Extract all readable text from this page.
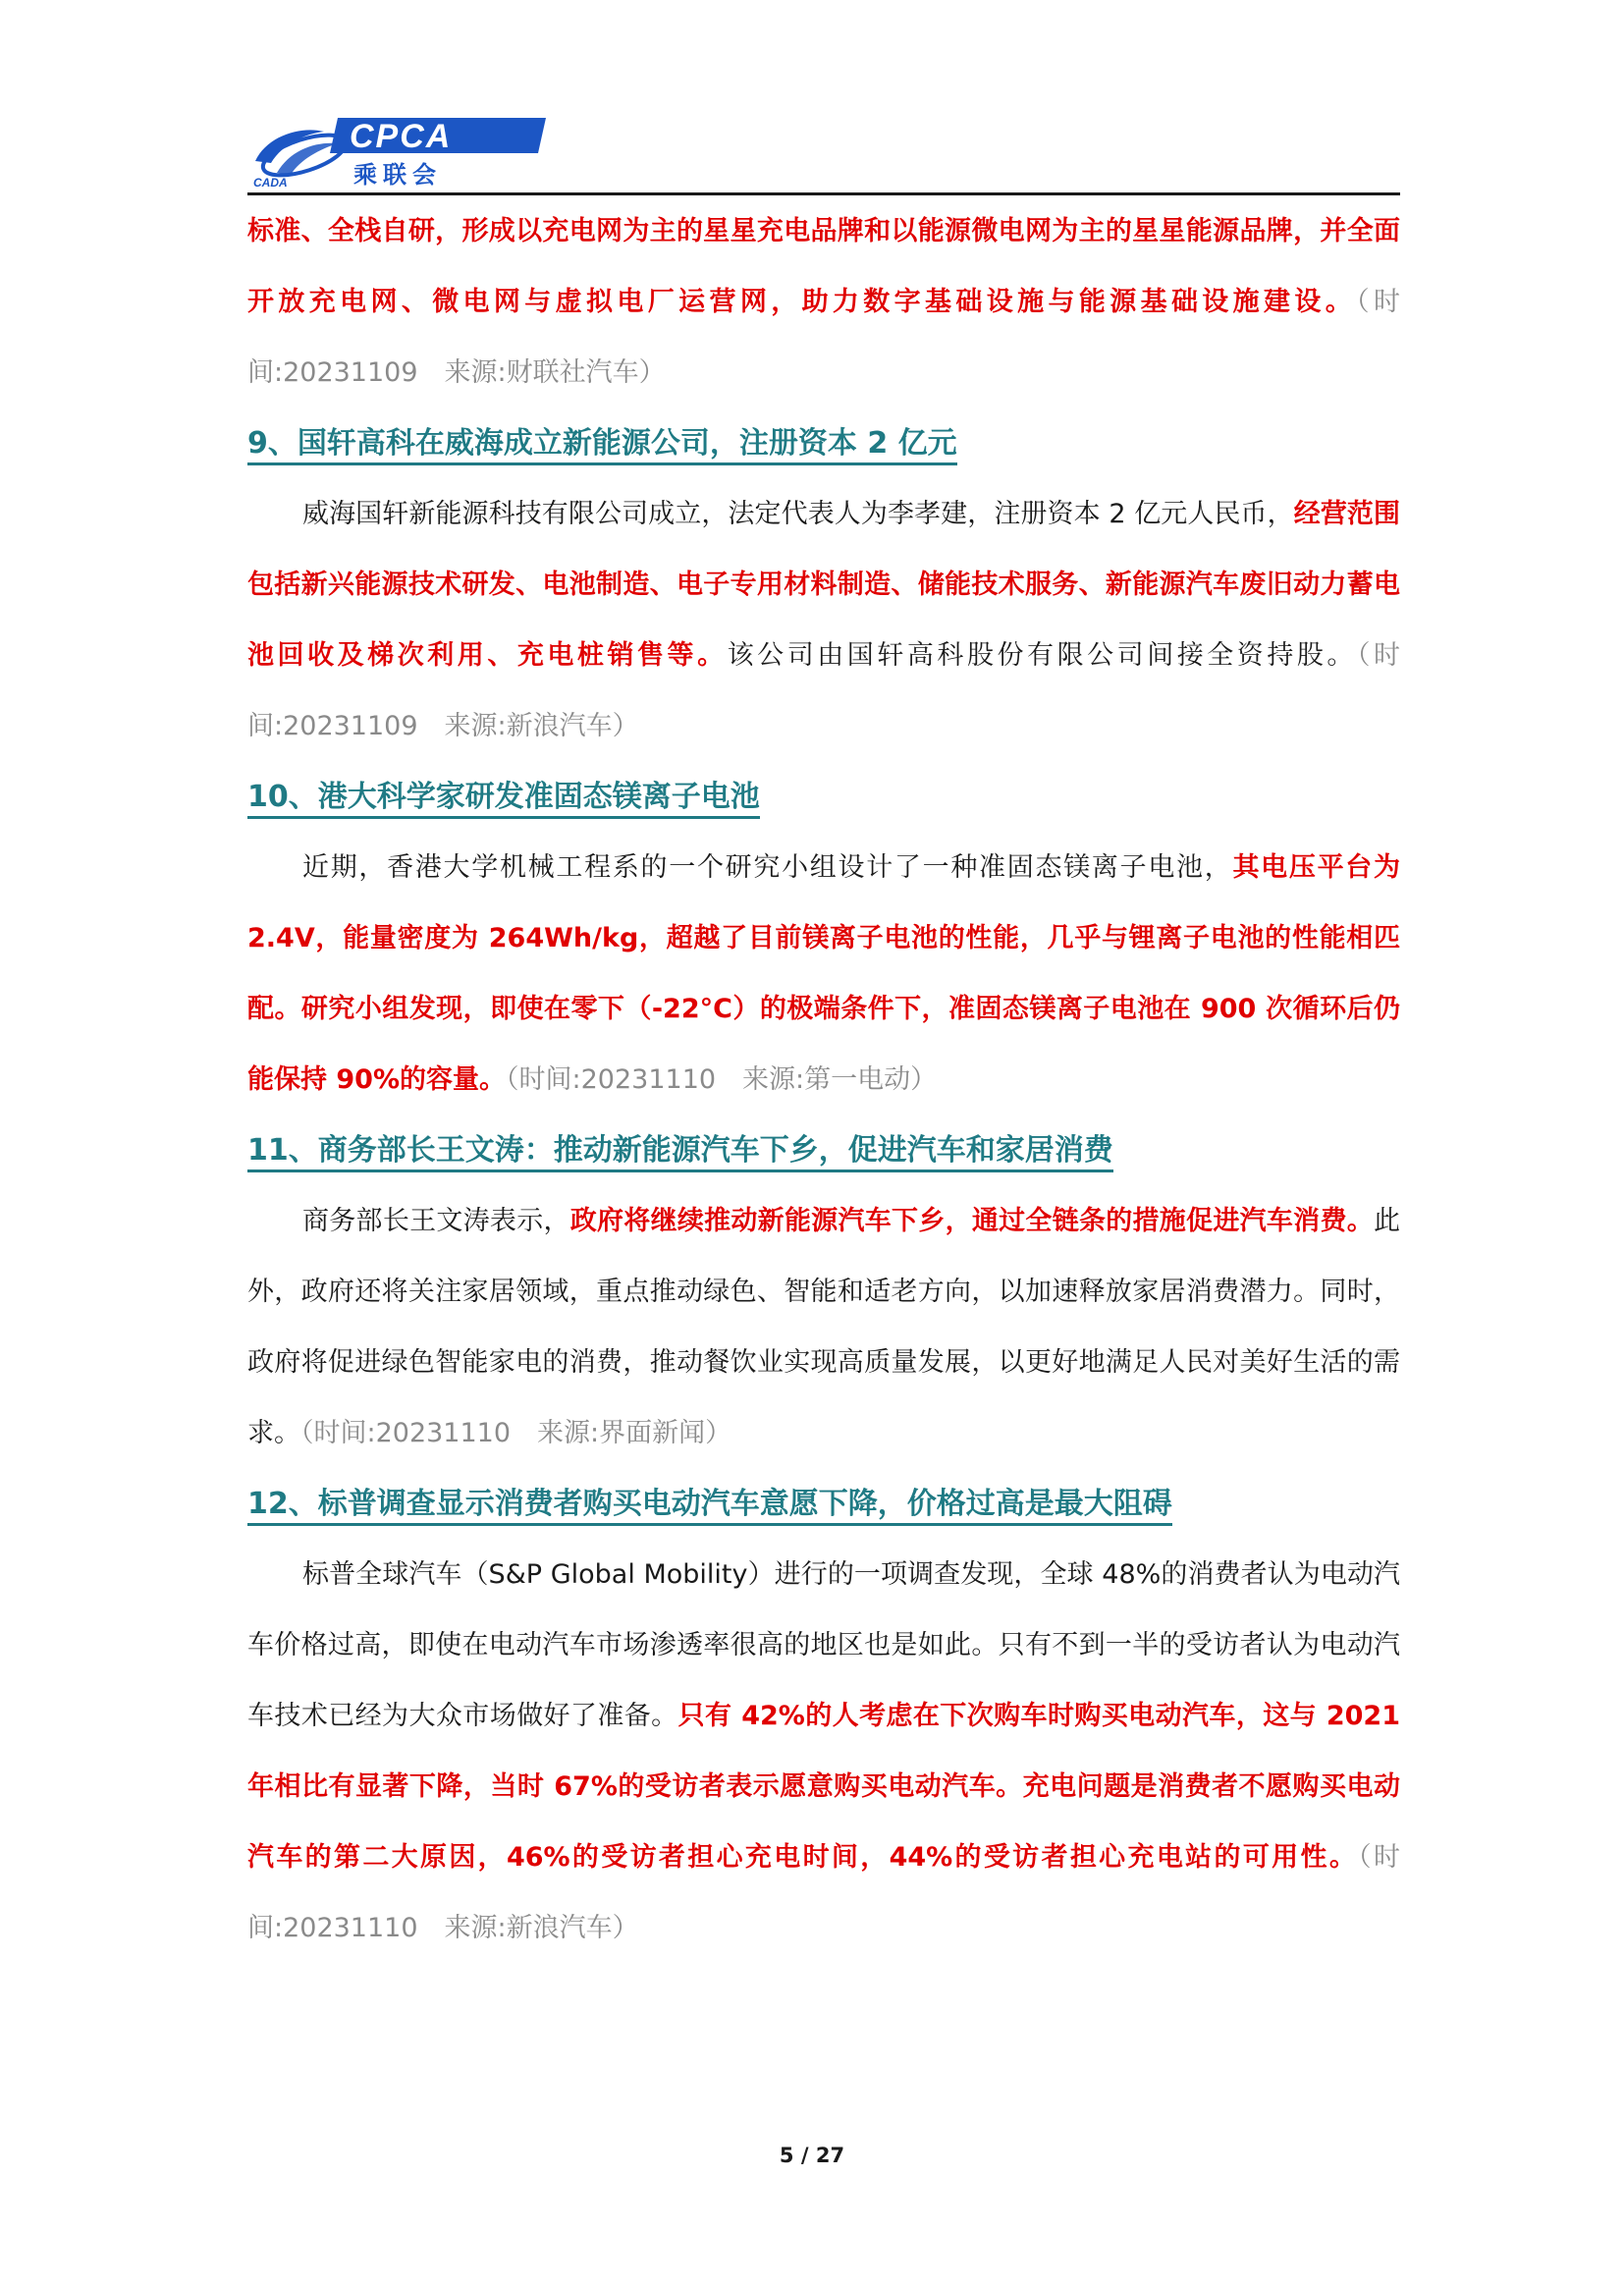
CADA
CPCA
乘联会

标准、全栈自研，形成以充电网为主的星星充电品牌和以能源微电网为主的星星能源品牌，并全面开放充电网、微电网与虚拟电厂运营网，助力数字基础设施与能源基础设施建设。（时间:20231109　来源:财联社汽车）

9、国轩高科在威海成立新能源公司，注册资本 2 亿元

威海国轩新能源科技有限公司成立，法定代表人为李孝建，注册资本 2 亿元人民币，经营范围包括新兴能源技术研发、电池制造、电子专用材料制造、储能技术服务、新能源汽车废旧动力蓄电池回收及梯次利用、充电桩销售等。该公司由国轩高科股份有限公司间接全资持股。（时间:20231109　来源:新浪汽车）

10、港大科学家研发准固态镁离子电池

近期，香港大学机械工程系的一个研究小组设计了一种准固态镁离子电池，其电压平台为 2.4V，能量密度为 264Wh/kg，超越了目前镁离子电池的性能，几乎与锂离子电池的性能相匹配。研究小组发现，即使在零下（-22°C）的极端条件下，准固态镁离子电池在 900 次循环后仍能保持 90%的容量。（时间:20231110　来源:第一电动）

11、商务部长王文涛：推动新能源汽车下乡，促进汽车和家居消费

商务部长王文涛表示，政府将继续推动新能源汽车下乡，通过全链条的措施促进汽车消费。此外，政府还将关注家居领域，重点推动绿色、智能和适老方向，以加速释放家居消费潜力。同时，政府将促进绿色智能家电的消费，推动餐饮业实现高质量发展，以更好地满足人民对美好生活的需求。（时间:20231110　来源:界面新闻）

12、标普调查显示消费者购买电动汽车意愿下降，价格过高是最大阻碍

标普全球汽车（S&P Global Mobility）进行的一项调查发现，全球 48%的消费者认为电动汽车价格过高，即使在电动汽车市场渗透率很高的地区也是如此。只有不到一半的受访者认为电动汽车技术已经为大众市场做好了准备。只有 42%的人考虑在下次购车时购买电动汽车，这与 2021 年相比有显著下降，当时 67%的受访者表示愿意购买电动汽车。充电问题是消费者不愿购买电动汽车的第二大原因，46%的受访者担心充电时间，44%的受访者担心充电站的可用性。（时间:20231110　来源:新浪汽车）

5 / 27
